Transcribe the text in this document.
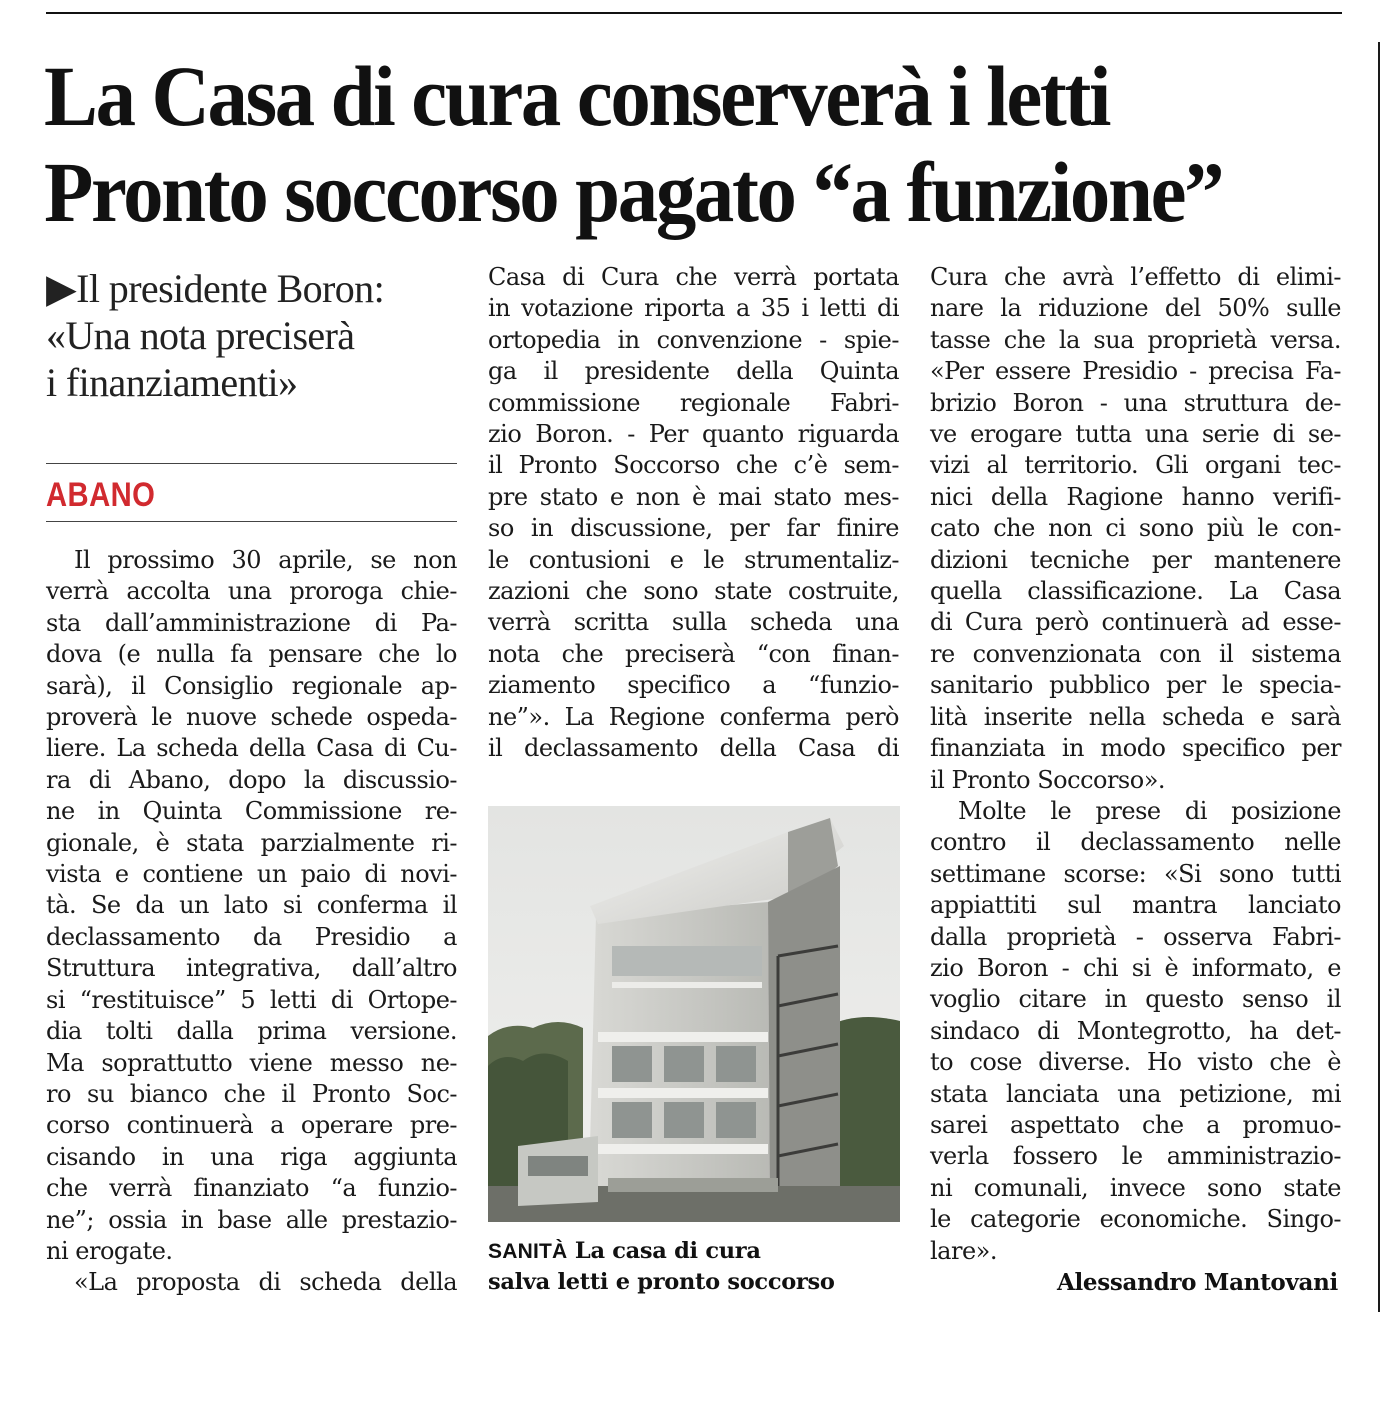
La Casa di cura conserverà i letti
Pronto soccorso pagato “a funzione”
▶Il presidente Boron:
«Una nota preciserà
i finanziamenti»
ABANO

Il prossimo 30 aprile, se non
verrà accolta una proroga chie-
sta dall’amministrazione di Pa-
dova (e nulla fa pensare che lo
sarà), il Consiglio regionale ap-
proverà le nuove schede ospeda-
liere. La scheda della Casa di Cu-
ra di Abano, dopo la discussio-
ne in Quinta Commissione re-
gionale, è stata parzialmente ri-
vista e contiene un paio di novi-
tà. Se da un lato si conferma il
declassamento da Presidio a
Struttura integrativa, dall’altro
si “restituisce” 5 letti di Ortope-
dia tolti dalla prima versione.
Ma soprattutto viene messo ne-
ro su bianco che il Pronto Soc-
corso continuerà a operare pre-
cisando in una riga aggiunta
che verrà finanziato “a funzio-
ne”; ossia in base alle prestazio-
ni erogate.

«La proposta di scheda della

Casa di Cura che verrà portata
in votazione riporta a 35 i letti di
ortopedia in convenzione - spie-
ga il presidente della Quinta
commissione regionale Fabri-
zio Boron. - Per quanto riguarda
il Pronto Soccorso che c’è sem-
pre stato e non è mai stato mes-
so in discussione, per far finire
le contusioni e le strumentaliz-
zazioni che sono state costruite,
verrà scritta sulla scheda una
nota che preciserà “con finan-
ziamento specifico a “funzio-
ne”». La Regione conferma però
il declassamento della Casa di

SANITÀ La casa di cura
salva letti e pronto soccorso

Cura che avrà l’effetto di elimi-
nare la riduzione del 50% sulle
tasse che la sua proprietà versa.
«Per essere Presidio - precisa Fa-
brizio Boron - una struttura de-
ve erogare tutta una serie di se-
vizi al territorio. Gli organi tec-
nici della Ragione hanno verifi-
cato che non ci sono più le con-
dizioni tecniche per mantenere
quella classificazione. La Casa
di Cura però continuerà ad esse-
re convenzionata con il sistema
sanitario pubblico per le specia-
lità inserite nella scheda e sarà
finanziata in modo specifico per
il Pronto Soccorso».

Molte le prese di posizione
contro il declassamento nelle
settimane scorse: «Si sono tutti
appiattiti sul mantra lanciato
dalla proprietà - osserva Fabri-
zio Boron - chi si è informato, e
voglio citare in questo senso il
sindaco di Montegrotto, ha det-
to cose diverse. Ho visto che è
stata lanciata una petizione, mi
sarei aspettato che a promuo-
verla fossero le amministrazio-
ni comunali, invece sono state
le categorie economiche. Singo-
lare».

Alessandro Mantovani
